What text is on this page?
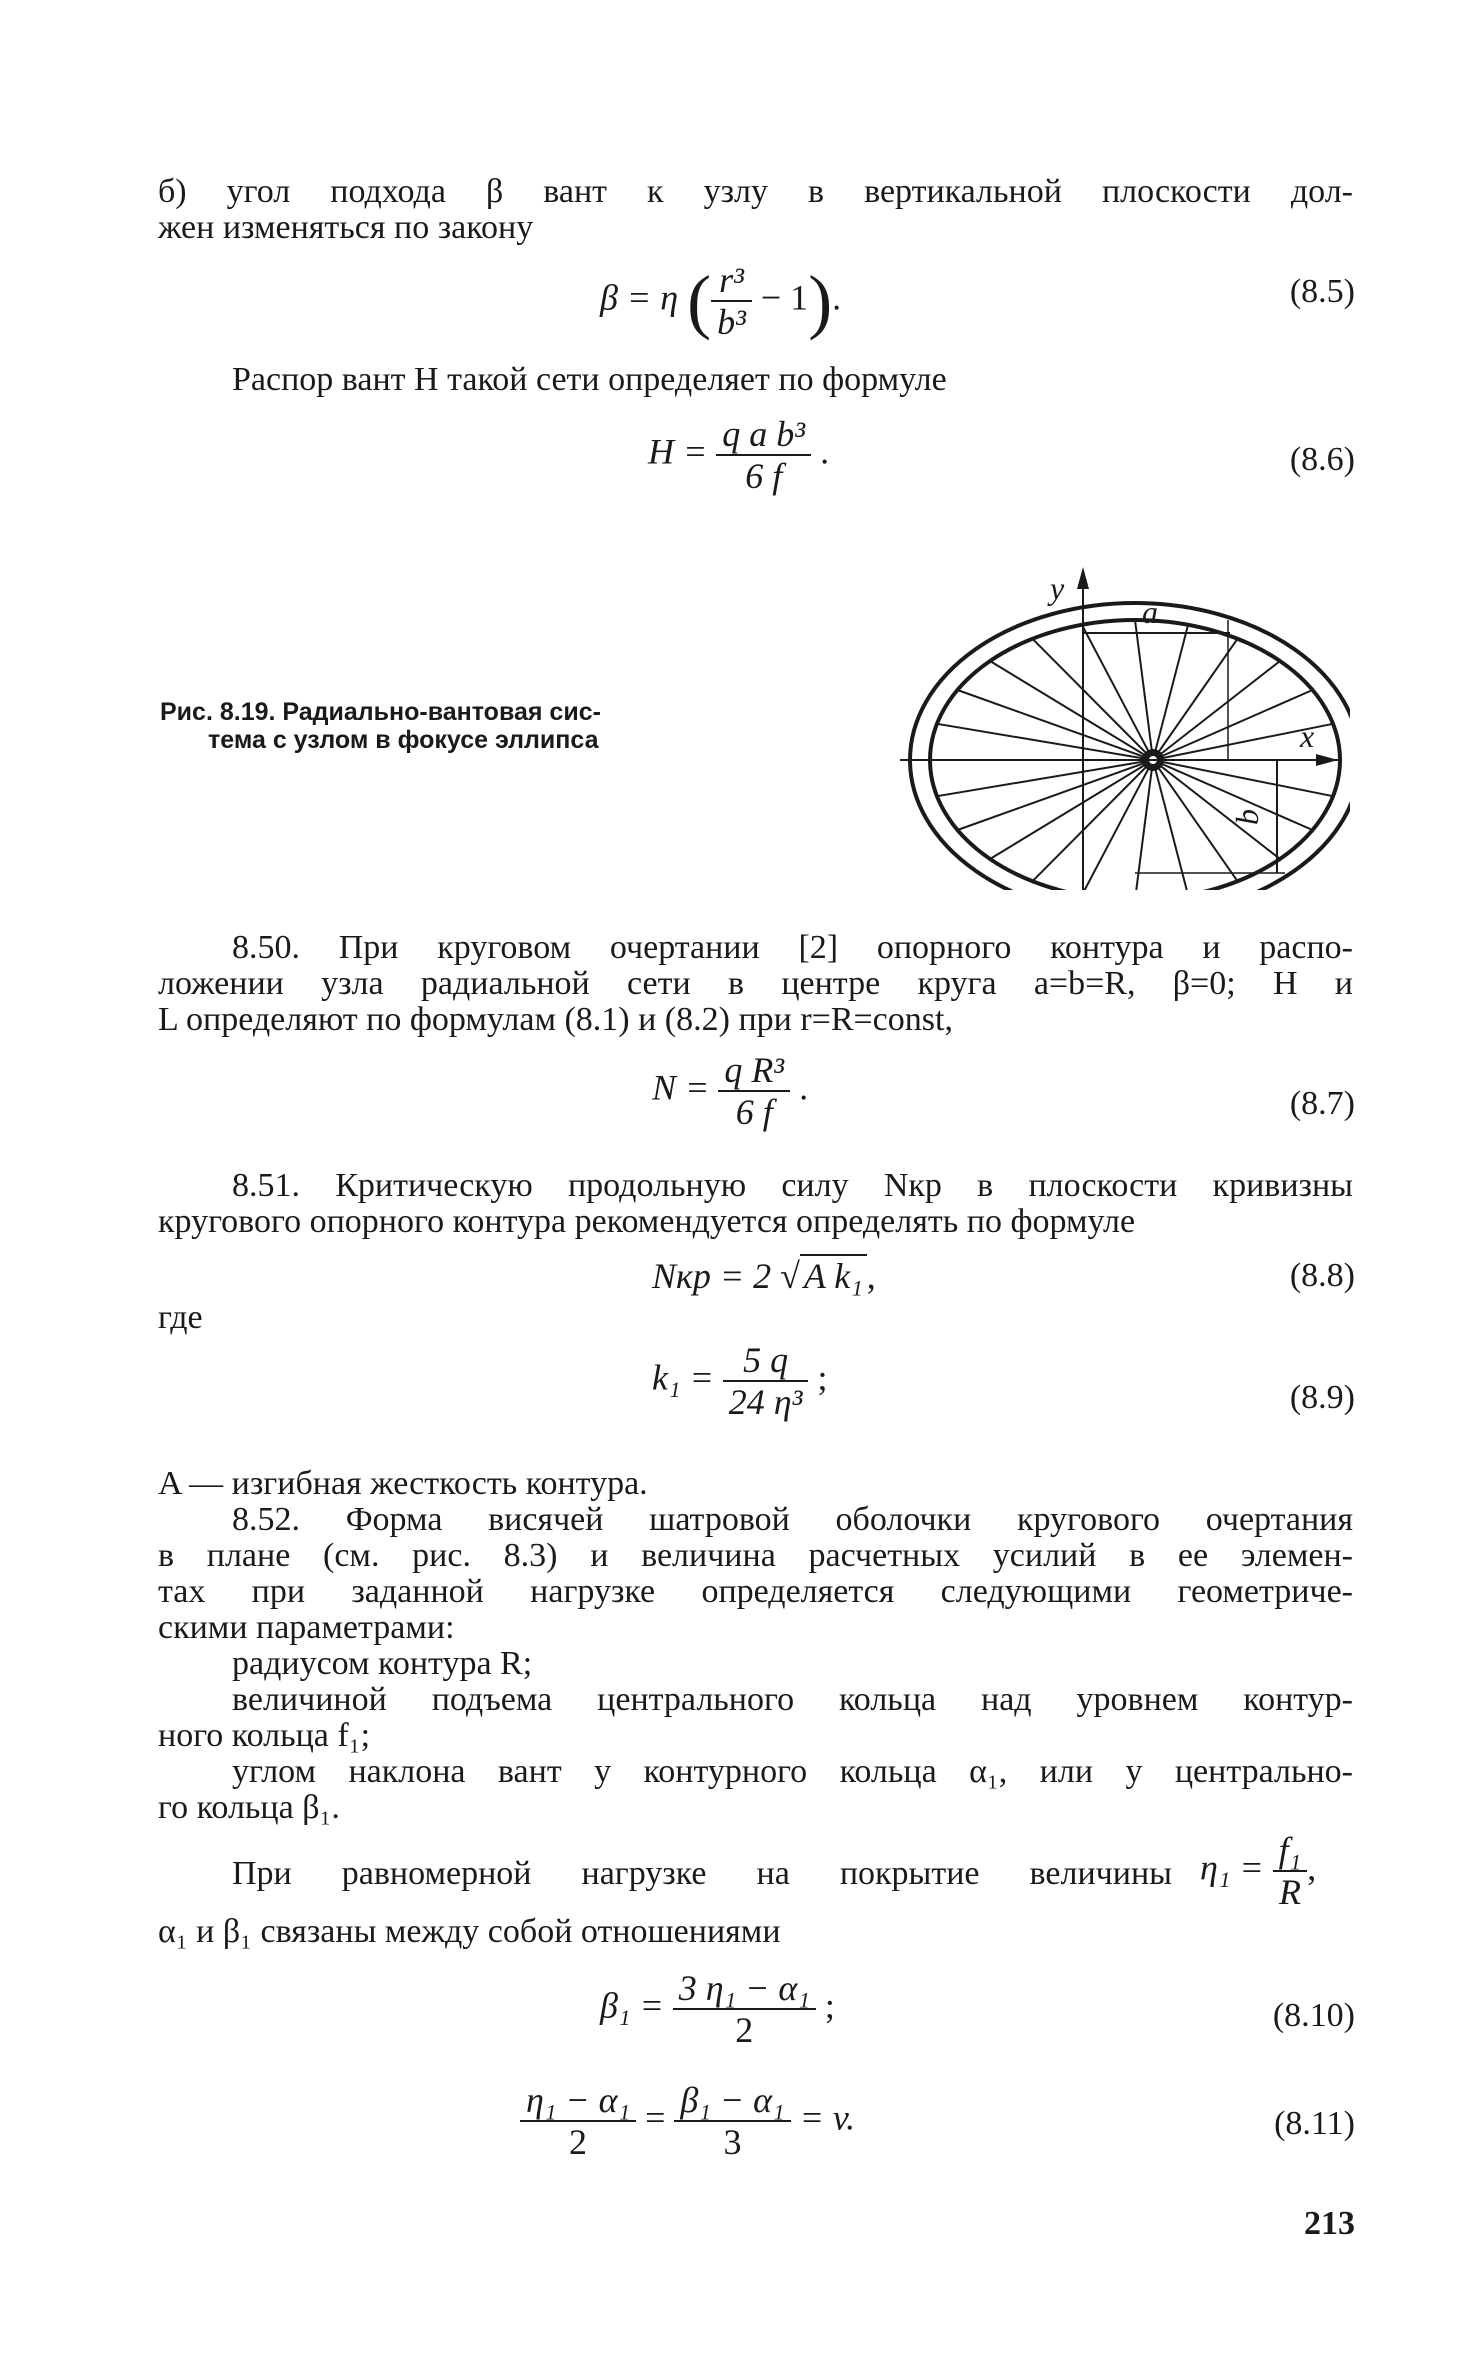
б) угол подхода β вант к узлу в вертикальной плоскости дол-
жен изменяться по закону
β = η ( $\frac{\text{r³}}{\text{b³}} - 1$).	(8.5)
Распор вант H такой сети определяет по формуле
$H = \frac{\text{q a b³}}{6 f}$ .	(8.6)
Рис. 8.19. Радиально-вантовая сис-
тема с узлом в фокусе эллипса
y
a
x
b
8.50. При круговом очертании [2] опорного контура и распо-
ложении узла радиальной сети в центре круга a=b=R, β=0; H и
L определяют по формулам (8.1) и (8.2) при r=R=const,
$N = \frac{\text{q R³}}{6 f}$ .	(8.7)
8.51. Критическую продольную силу Nкр в плоскости кривизны
кругового опорного контура рекомендуется определять по формуле
Nкр = 2 √ A k₁ ,	(8.8)
где
$k_1 = \frac{5 q}{\text{24 η³}}$ ;
(8.9)
A — изгибная жесткость контура.
8.52. Форма висячей шатровой оболочки кругового очертания
в плане (см. рис. 8.3) и величина расчетных усилий в ее элемен-
тах при заданной нагрузке определяется следующими геометриче-
скими параметрами:
радиусом контура R;
величиной подъема центрального кольца над уровнем контур-
ного кольца f₁;
углом наклона вант у контурного кольца α₁, или у центрально-
го кольца β₁.
При равномерной нагрузке на покрытие величины $\eta_1 = \frac{\text{f₁}}{R}$ ,
α₁ и β₁ связаны между собой отношениями
$\beta_1 = \frac{\text{3 η₁ − α₁}}{2}$ ;	(8.10)
$\frac{\text{η₁ − α₁}}{2} = \frac{\text{β₁ − α₁}}{3} = v$.	(8.11)
213
